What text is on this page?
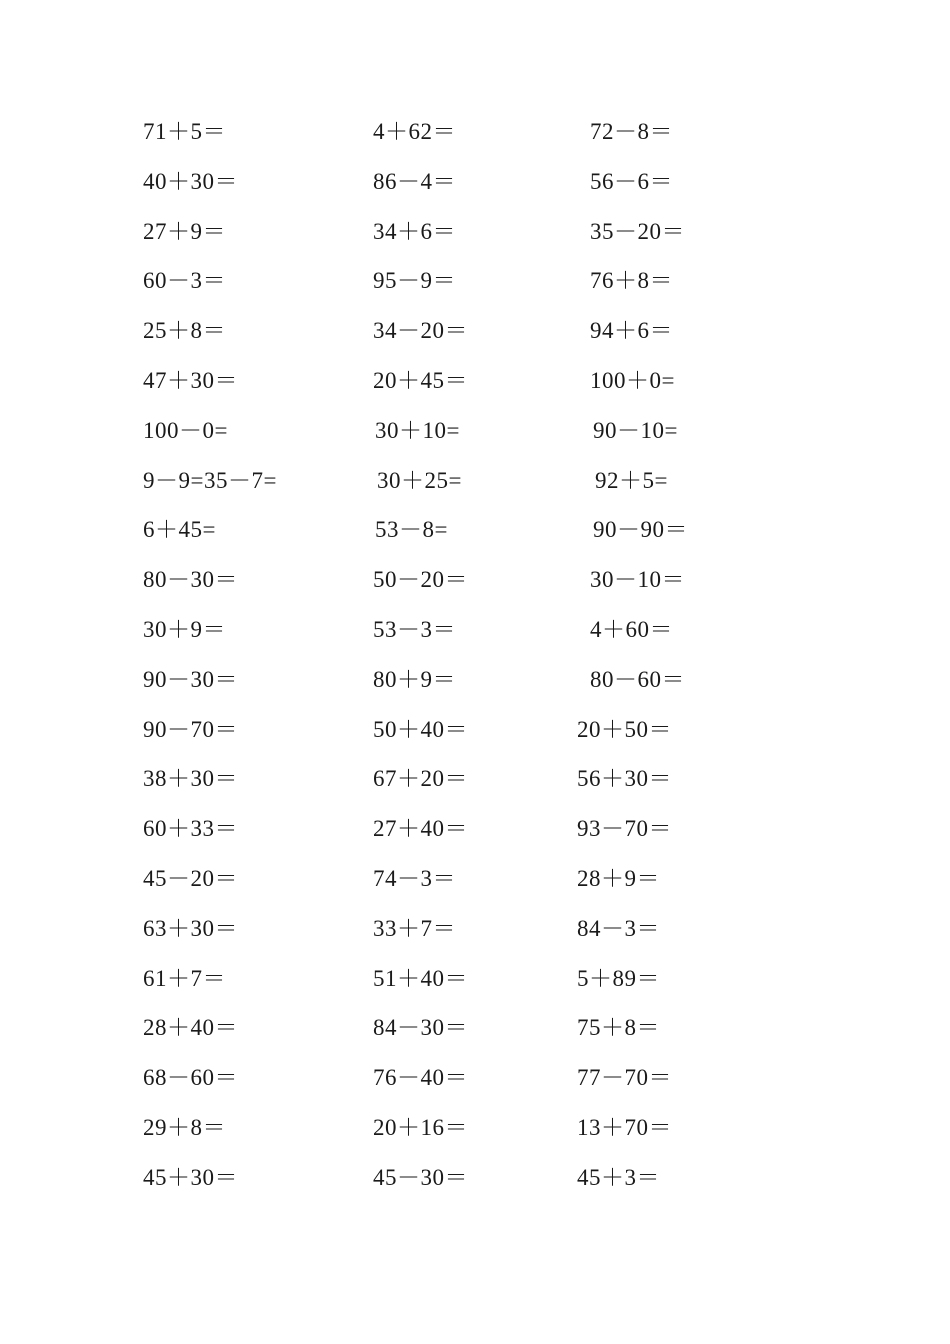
71＋5＝	4＋62＝	72－8＝
40＋30＝	86－4＝	56－6＝
27＋9＝	34＋6＝	35－20＝
60－3＝	95－9＝	76＋8＝
25＋8＝	34－20＝	94＋6＝
47＋30＝	20＋45＝	100＋0=
100－0=	30＋10=	90－10=
9－9=35－7=	30＋25=	92＋5=
6＋45=	53－8=	90－90＝
80－30＝	50－20＝	30－10＝
30＋9＝	53－3＝	4＋60＝
90－30＝	80＋9＝	80－60＝
90－70＝	50＋40＝	20＋50＝
38＋30＝	67＋20＝	56＋30＝
60＋33＝	27＋40＝	93－70＝
45－20＝	74－3＝	28＋9＝
63＋30＝	33＋7＝	84－3＝
61＋7＝	51＋40＝	5＋89＝
28＋40＝	84－30＝	75＋8＝
68－60＝	76－40＝	77－70＝
29＋8＝	20＋16＝	13＋70＝
45＋30＝	45－30＝	45＋3＝
